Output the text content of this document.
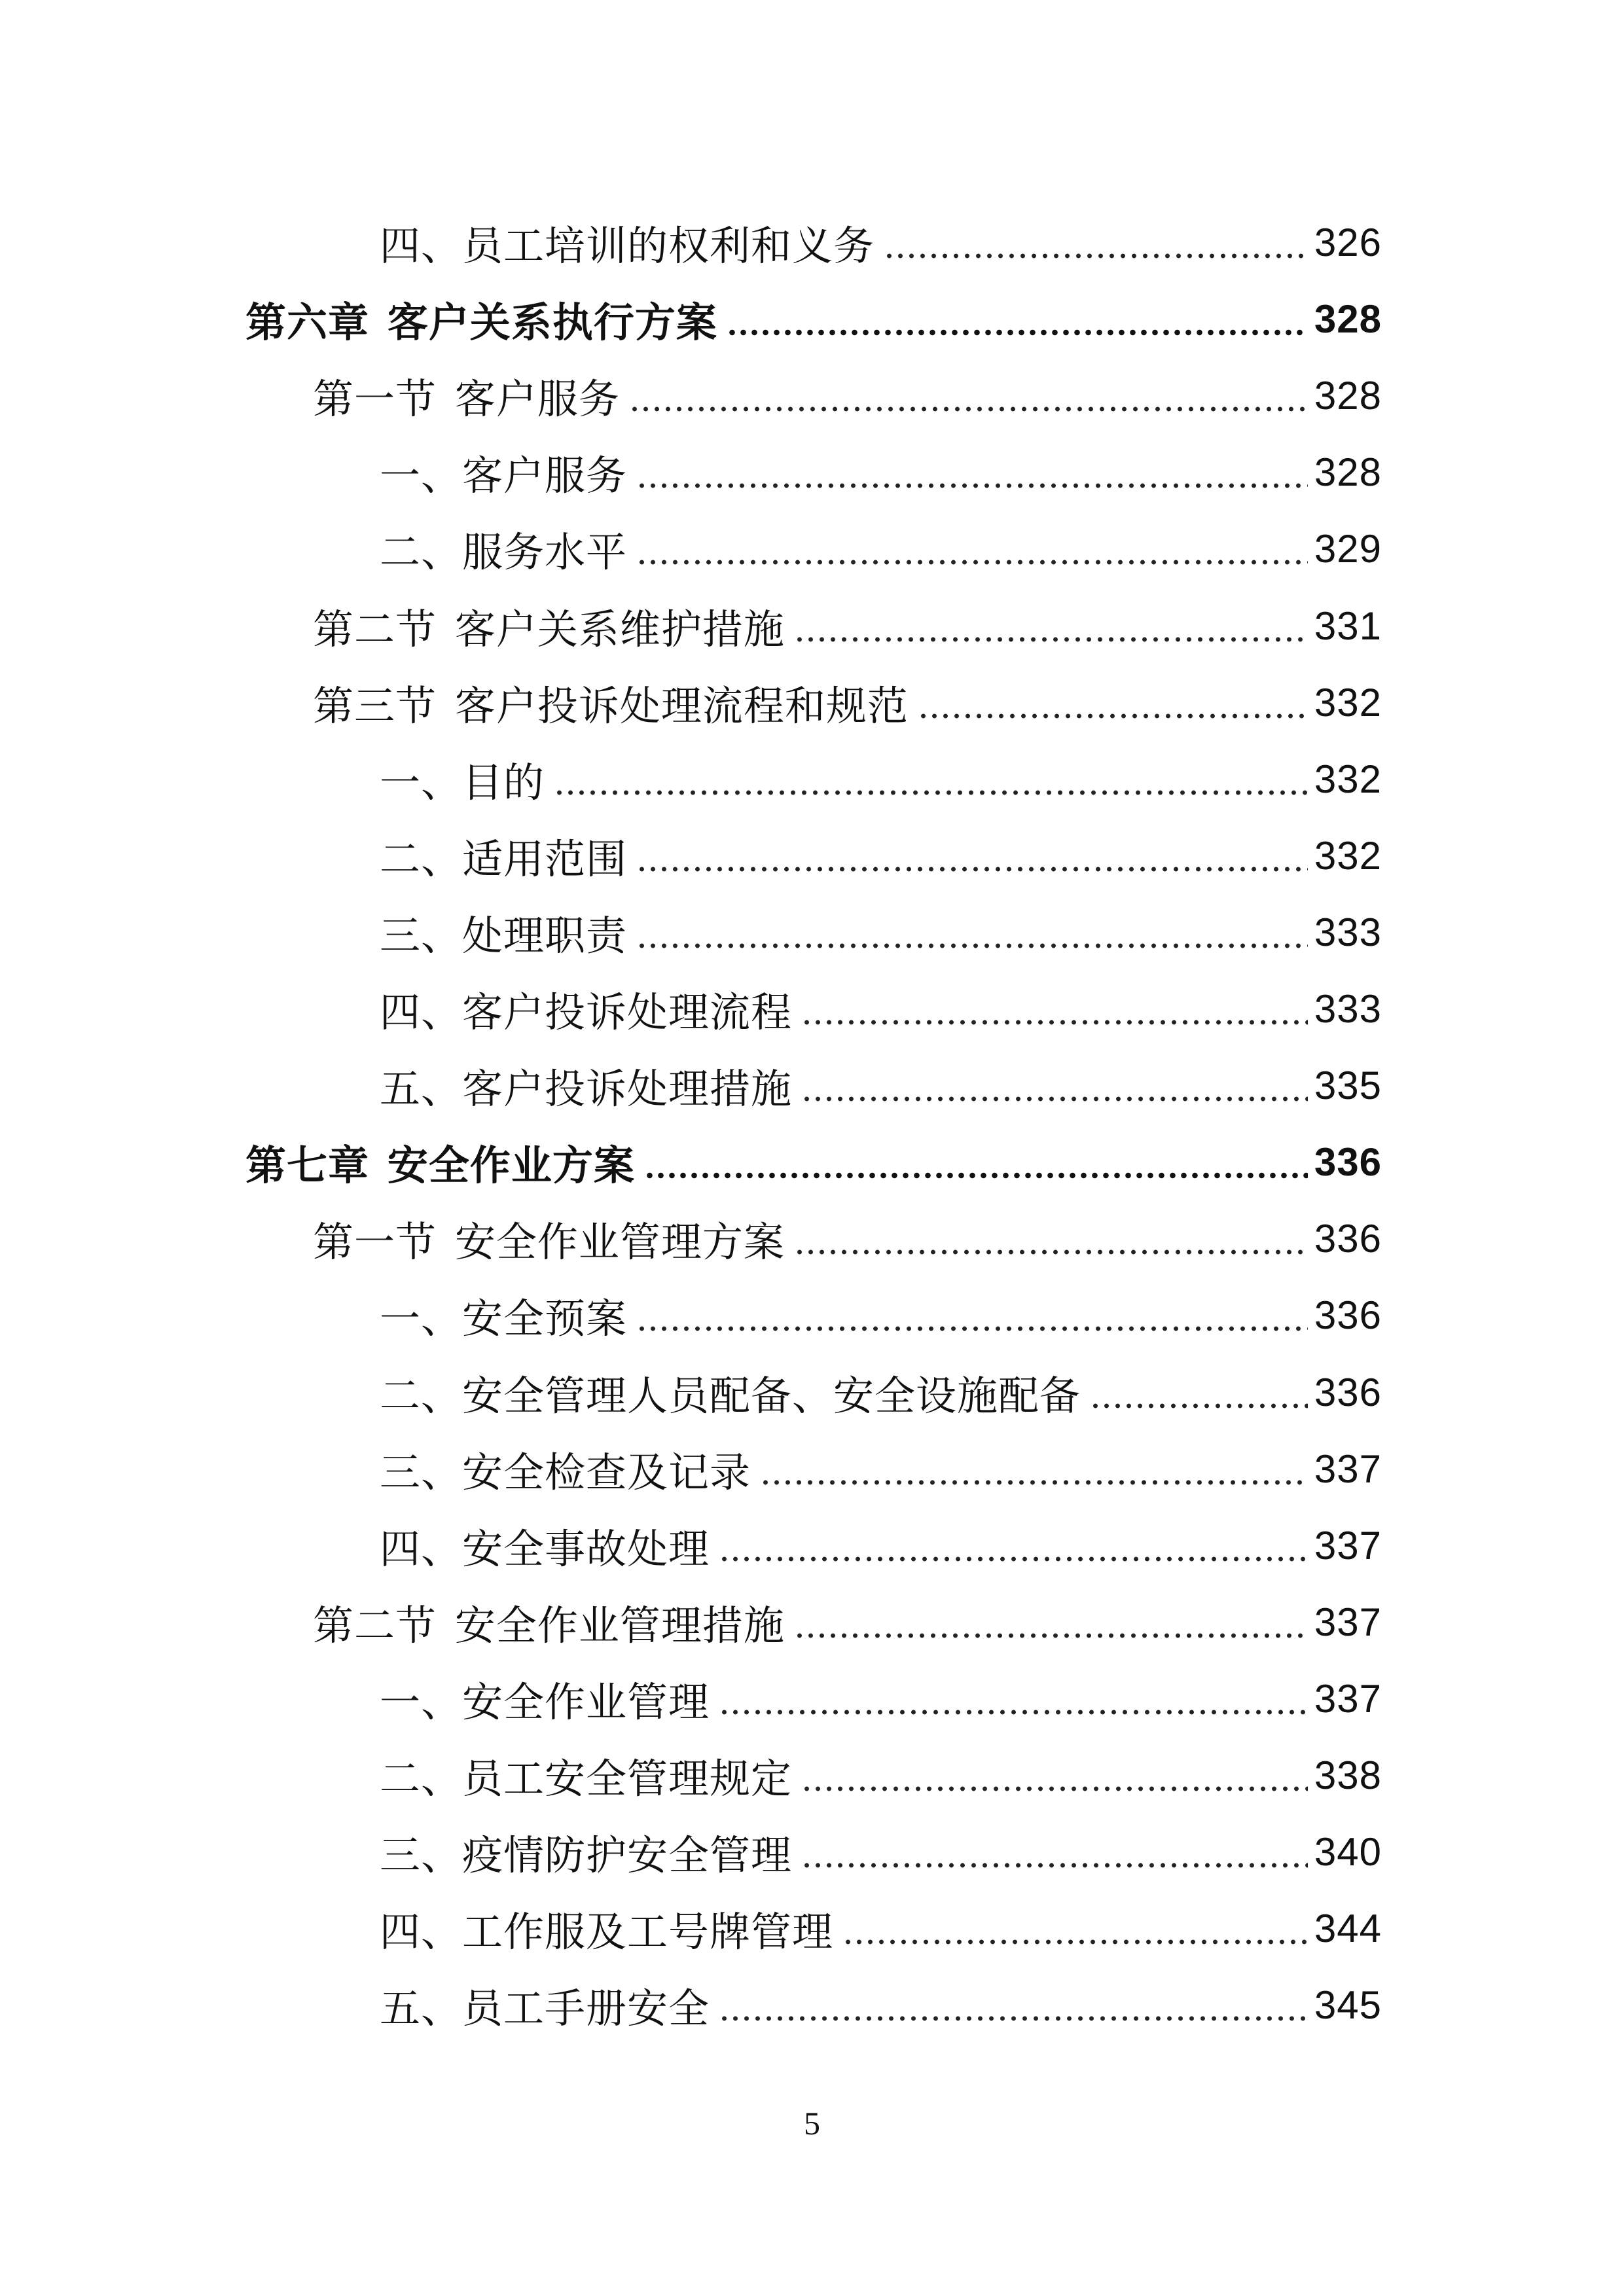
四、员工培训的权利和义务	326
第六章 客户关系执行方案	328
第一节 客户服务	328
一、客户服务	328
二、服务水平	329
第二节 客户关系维护措施	331
第三节 客户投诉处理流程和规范	332
一、目的	332
二、适用范围	332
三、处理职责	333
四、客户投诉处理流程	333
五、客户投诉处理措施	335
第七章 安全作业方案	336
第一节 安全作业管理方案	336
一、安全预案	336
二、安全管理人员配备、安全设施配备	336
三、安全检查及记录	337
四、安全事故处理	337
第二节 安全作业管理措施	337
一、安全作业管理	337
二、员工安全管理规定	338
三、疫情防护安全管理	340
四、工作服及工号牌管理	344
五、员工手册安全	345
5
